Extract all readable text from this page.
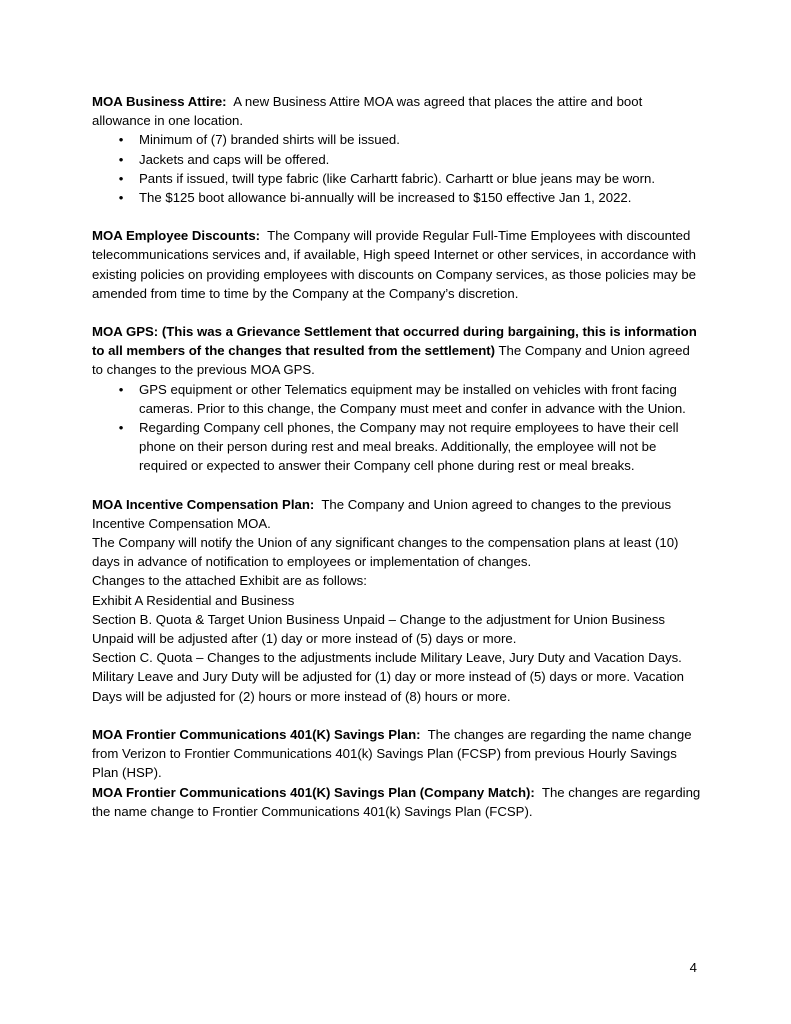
MOA Business Attire: A new Business Attire MOA was agreed that places the attire and boot allowance in one location.

• Minimum of (7) branded shirts will be issued.
• Jackets and caps will be offered.
• Pants if issued, twill type fabric (like Carhartt fabric). Carhartt or blue jeans may be worn.
• The $125 boot allowance bi-annually will be increased to $150 effective Jan 1, 2022.

MOA Employee Discounts: The Company will provide Regular Full-Time Employees with discounted telecommunications services and, if available, High speed Internet or other services, in accordance with existing policies on providing employees with discounts on Company services, as those policies may be amended from time to time by the Company at the Company’s discretion.

MOA GPS: (This was a Grievance Settlement that occurred during bargaining, this is information to all members of the changes that resulted from the settlement) The Company and Union agreed to changes to the previous MOA GPS.

• GPS equipment or other Telematics equipment may be installed on vehicles with front facing cameras. Prior to this change, the Company must meet and confer in advance with the Union.
• Regarding Company cell phones, the Company may not require employees to have their cell phone on their person during rest and meal breaks. Additionally, the employee will not be required or expected to answer their Company cell phone during rest or meal breaks.

MOA Incentive Compensation Plan: The Company and Union agreed to changes to the previous Incentive Compensation MOA.

The Company will notify the Union of any significant changes to the compensation plans at least (10) days in advance of notification to employees or implementation of changes.

Changes to the attached Exhibit are as follows:

Exhibit A Residential and Business

Section B. Quota & Target Union Business Unpaid – Change to the adjustment for Union Business Unpaid will be adjusted after (1) day or more instead of (5) days or more.

Section C. Quota – Changes to the adjustments include Military Leave, Jury Duty and Vacation Days. Military Leave and Jury Duty will be adjusted for (1) day or more instead of (5) days or more. Vacation Days will be adjusted for (2) hours or more instead of (8) hours or more.

MOA Frontier Communications 401(K) Savings Plan: The changes are regarding the name change from Verizon to Frontier Communications 401(k) Savings Plan (FCSP) from previous Hourly Savings Plan (HSP).

MOA Frontier Communications 401(K) Savings Plan (Company Match): The changes are regarding the name change to Frontier Communications 401(k) Savings Plan (FCSP).

4
